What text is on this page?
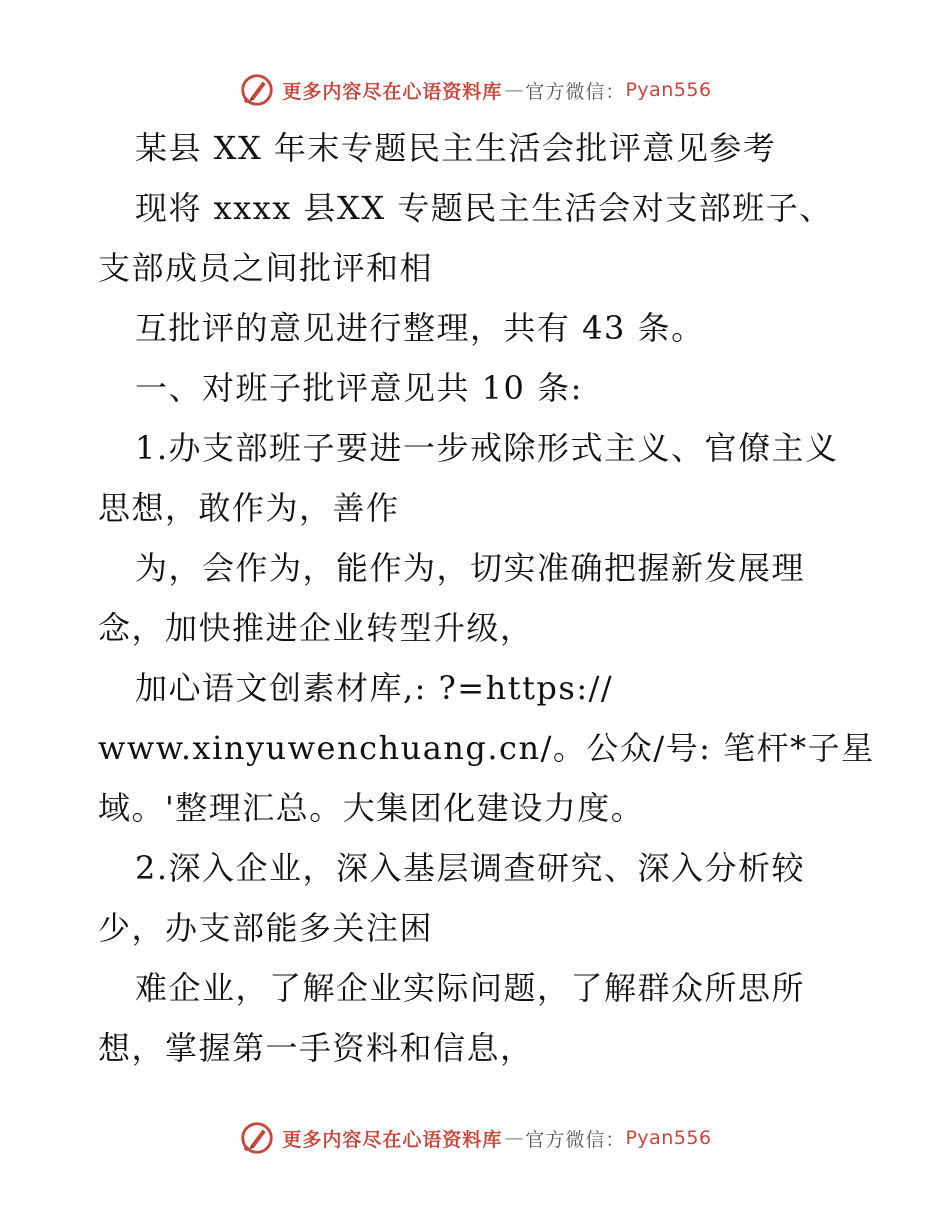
更多内容尽在心语资料库 — 官方微信： Pyan556
某县 XX 年末专题民主生活会批评意见参考
现将 xxxx 县XX 专题民主生活会对支部班子、
支部成员之间批评和相
互批评的意见进行整理，共有 43 条。
一、对班子批评意见共 10 条:
1.办支部班子要进一步戒除形式主义、官僚主义
思想，敢作为，善作
为，会作为，能作为，切实准确把握新发展理
念，加快推进企业转型升级，
加心语文创素材库,: ?=https://
www.xinyuwenchuang.cn/。公众/号: 笔杆*子星
域。'整理汇总。大集团化建设力度。
2.深入企业，深入基层调查研究、深入分析较
少，办支部能多关注困
难企业，了解企业实际问题，了解群众所思所
想，掌握第一手资料和信息，
更多内容尽在心语资料库 — 官方微信： Pyan556
